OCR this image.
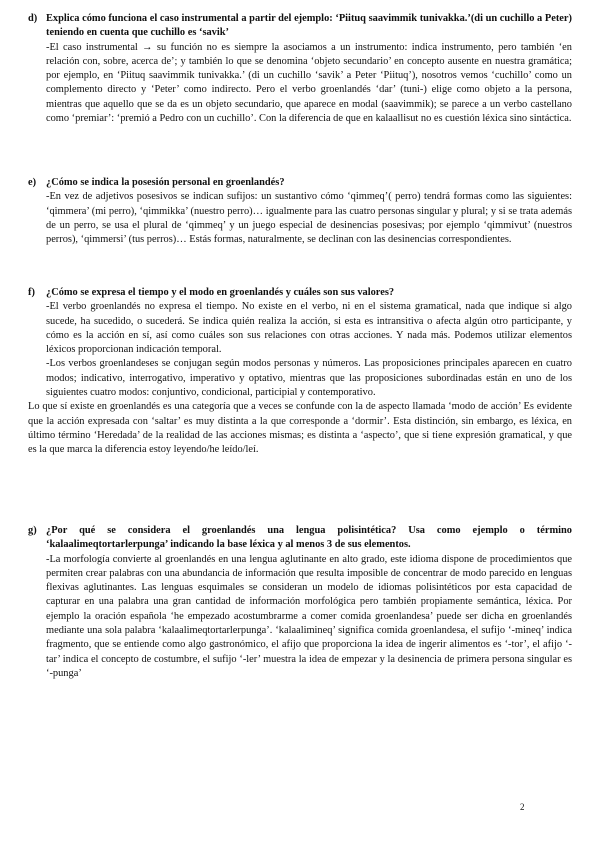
d) Explica cómo funciona el caso instrumental a partir del ejemplo: ‘Piituq saavimmik tunivakka.’(di un cuchillo a Peter) teniendo en cuenta que cuchillo es ‘savik’

-El caso instrumental → su función no es siempre la asociamos a un instrumento: indica instrumento, pero también ‘en relación con, sobre, acerca de’; y también lo que se denomina ‘objeto secundario’ en concepto ausente en nuestra gramática; por ejemplo, en ‘Piituq saavimmik tunivakka.’ (di un cuchillo ‘savik’ a Peter ‘Piituq’), nosotros vemos ‘cuchillo’ como un complemento directo y ‘Peter’ como indirecto. Pero el verbo groenlandés ‘dar’ (tuni-) elige como objeto a la persona, mientras que aquello que se da es un objeto secundario, que aparece en modal (saavimmik); se parece a un verbo castellano como ‘premiar’: ‘premió a Pedro con un cuchillo’. Con la diferencia de que en kalaallisut no es cuestión léxica sino sintáctica.

e) ¿Cómo se indica la posesión personal en groenlandés?

-En vez de adjetivos posesivos se indican sufijos: un sustantivo cómo ‘qimmeq’( perro) tendrá formas como las siguientes: ‘qimmera’ (mi perro), ‘qimmikka’ (nuestro perro)… igualmente para las cuatro personas singular y plural; y si se trata además de un perro, se usa el plural de ‘qimmeq’ y un juego especial de desinencias posesivas; por ejemplo ‘qimmivut’ (nuestros perros), ‘qimmersi’ (tus perros)… Estás formas, naturalmente, se declinan con las desinencias correspondientes.

f)	¿Cómo se expresa el tiempo y el modo en groenlandés y cuáles son sus valores?

-El verbo groenlandés no expresa el tiempo. No existe en el verbo, ni en el sistema gramatical, nada que indique si algo sucede, ha sucedido, o sucederá. Se indica quién realiza la acción, si esta es intransitiva o afecta algún otro participante, y cómo es la acción en sí, así como cuáles son sus relaciones con otras acciones. Y nada más. Podemos utilizar elementos léxicos proporcionan indicación temporal.

-Los verbos groenlandeses se conjugan según modos personas y números. Las proposiciones principales aparecen en cuatro modos; indicativo, interrogativo, imperativo y optativo, mientras que las proposiciones subordinadas están en uno de los siguientes cuatro modos: conjuntivo, condicional, participial y contemporativo.

Lo que sí existe en groenlandés es una categoría que a veces se confunde con la de aspecto llamada ‘modo de acción’ Es evidente que la acción expresada con ‘saltar’ es muy distinta a la que corresponde a ‘dormir’. Esta distinción, sin embargo, es léxica, en último término ‘Heredada’ de la realidad de las acciones mismas; es distinta a ‘aspecto’, que si tiene expresión gramatical, y que es la que marca la diferencia estoy leyendo/he leído/leí.

g) ¿Por qué se considera el groenlandés una lengua polisintética? Usa como ejemplo o término ‘kalaalimeqtortarlerpunga’ indicando la base léxica y al menos 3 de sus elementos.

-La morfología convierte al groenlandés en una lengua aglutinante en alto grado, este idioma dispone de procedimientos que permiten crear palabras con una abundancia de información que resulta imposible de concentrar de modo parecido en lenguas flexivas aglutinantes. Las lenguas esquimales se consideran un modelo de idiomas polisintéticos por esta capacidad de capturar en una palabra una gran cantidad de información morfológica pero también propiamente semántica, léxica. Por ejemplo la oración española ‘he empezado acostumbrarme a comer comida groenlandesa’ puede ser dicha en groenlandés mediante una sola palabra ‘kalaalimeqtortarlerpunga’. ‘kalaalimineq’ significa comida groenlandesa, el sufijo ‘-mineq’ indica fragmento, que se entiende como algo gastronómico, el afijo que proporciona la idea de ingerir alimentos es ‘-tor’, el afijo ‘-tar’ indica el concepto de costumbre, el sufijo ‘-ler’ muestra la idea de empezar y la desinencia de primera persona singular es ‘-punga’

2
